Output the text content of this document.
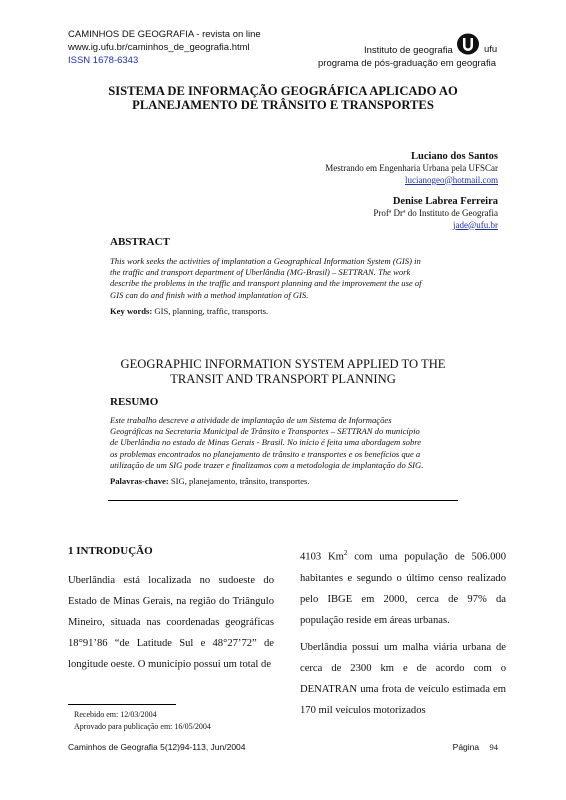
CAMINHOS DE GEOGRAFIA - revista on line
www.ig.ufu.br/caminhos_de_geografia.html
ISSN 1678-6343
ufu
Instituto de geografia
programa de pós-graduação em geografia
SISTEMA DE INFORMAÇÃO GEOGRÁFICA APLICADO AO
PLANEJAMENTO DE TRÂNSITO E TRANSPORTES
Luciano dos Santos
Mestrando em Engenharia Urbana pela UFSCar
lucianogeo@hotmail.com
Denise Labrea Ferreira
Profª Drª do Instituto de Geografia
jade@ufu.br
ABSTRACT
This work seeks the activities of implantation a Geographical Information System (GIS) in
the traffic and transport department of Uberlândia (MG-Brasil) – SETTRAN. The work
describe the problems in the traffic and transport planning and the improvement the use of
GIS can do and finish with a method implantation of GIS.
Key words: GIS, planning, traffic, transports.
GEOGRAPHIC INFORMATION SYSTEM APPLIED TO THE
TRANSIT AND TRANSPORT PLANNING
RESUMO
Este trabalho descreve a atividade de implantação de um Sistema de Informações
Geográficas na Secretaria Municipal de Trânsito e Transportes – SETTRAN do município
de Uberlândia no estado de Minas Gerais - Brasil. No início é feita uma abordagem sobre
os problemas encontrados no planejamento de trânsito e transportes e os benefícios que a
utilização de um SIG pode trazer e finalizamos com a metodologia de implantação do SIG.
Palavras-chave: SIG, planejamento, trânsito, transportes.
1 INTRODUÇÃO
Uberlândia está localizada no sudoeste do Estado de Minas Gerais, na região do Triângulo Mineiro, situada nas coordenadas geográficas 18°91’86 “de Latitude Sul e 48°27’72” de longitude oeste. O município possui um total de
4103 Km$^2$ com uma população de 506.000 habitantes e segundo o último censo realizado pelo IBGE em 2000, cerca de 97% da população reside em áreas urbanas.
Uberlândia possui um malha viária urbana de cerca de 2300 km e de acordo com o DENATRAN uma frota de veículo estimada em 170 mil veículos motorizados
Recebido em: 12/03/2004
Aprovado para publicação em: 16/05/2004
Caminhos de Geografia 5(12)94-113, Jun/2004	Página 94
